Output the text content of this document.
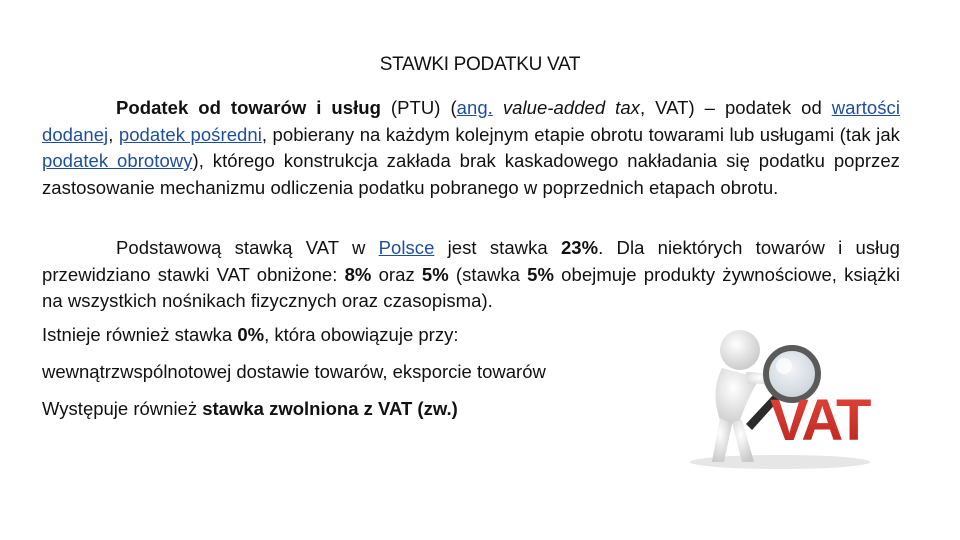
STAWKI PODATKU VAT
Podatek od towarów i usług (PTU) (ang. value-added tax, VAT) – podatek od wartości dodanej, podatek pośredni, pobierany na każdym kolejnym etapie obrotu towarami lub usługami (tak jak podatek obrotowy), którego konstrukcja zakłada brak kaskadowego nakładania się podatku poprzez zastosowanie mechanizmu odliczenia podatku pobranego w poprzednich etapach obrotu.
Podstawową stawką VAT w Polsce jest stawka 23%. Dla niektórych towarów i usług przewidziano stawki VAT obniżone: 8% oraz 5% (stawka 5% obejmuje produkty żywnościowe, książki na wszystkich nośnikach fizycznych oraz czasopisma).
Istnieje również stawka 0%, która obowiązuje przy:
wewnątrzwspólnotowej dostawie towarów, eksporcie towarów
Występuje również stawka zwolniona z VAT (zw.)	VAT
